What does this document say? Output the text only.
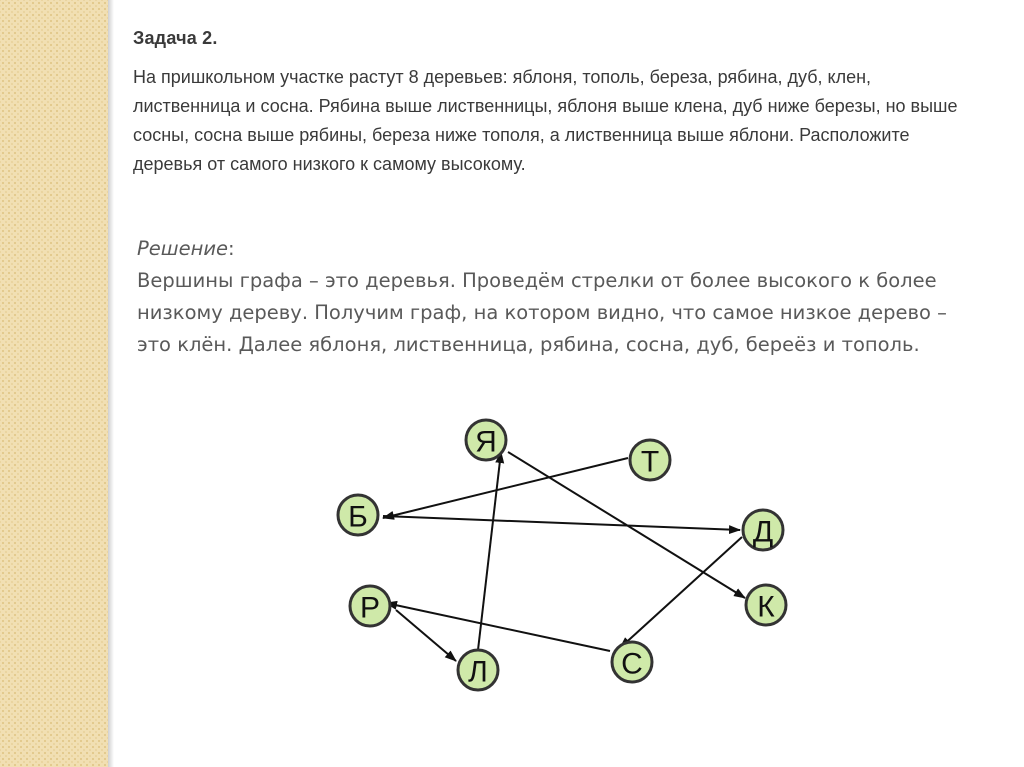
Задача 2.

На пришкольном участке растут 8 деревьев: яблоня, тополь, береза, рябина, дуб, клен, лиственница и сосна. Рябина выше лиственницы, яблоня выше клена, дуб ниже березы, но выше сосны, сосна выше рябины, береза ниже тополя, а лиственница выше яблони. Расположите деревья от самого низкого к самому высокому.

Решение:
Вершины графа – это деревья. Проведём стрелки от более высокого к более низкому дереву. Получим граф, на котором видно, что самое низкое дерево – это клён. Далее яблоня, лиственница, рябина, сосна, дуб, береёз и тополь.
Я
Т
Б	Д
Р	К
Л	С
